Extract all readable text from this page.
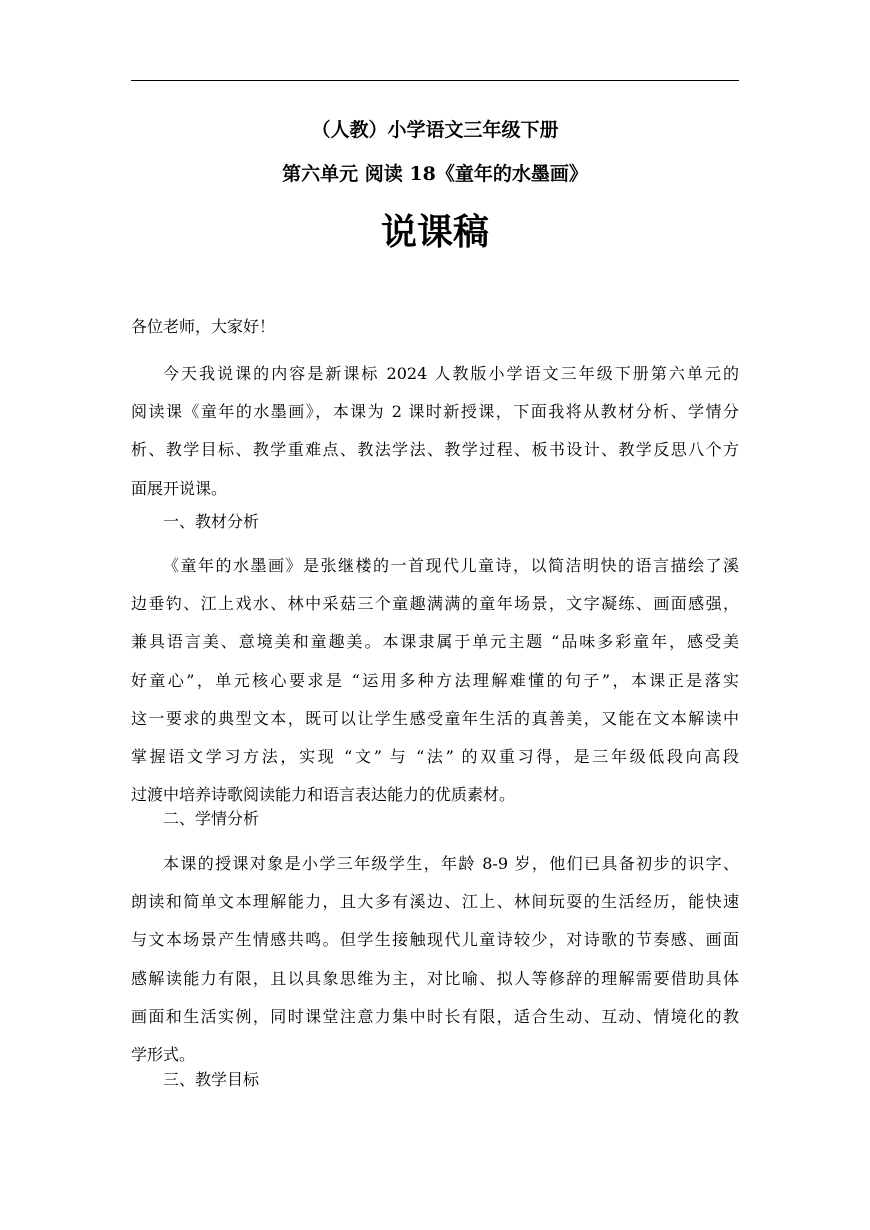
（人教）小学语文三年级下册
第六单元 阅读 18《童年的水墨画》
说课稿
各位老师，大家好！
今天我说课的内容是新课标 2024 人教版小学语文三年级下册第六单元的
阅读课《童年的水墨画》，本课为 2 课时新授课，下面我将从教材分析、学情分
析、教学目标、教学重难点、教法学法、教学过程、板书设计、教学反思八个方
面展开说课。
一、教材分析
《童年的水墨画》是张继楼的一首现代儿童诗，以简洁明快的语言描绘了溪
边垂钓、江上戏水、林中采菇三个童趣满满的童年场景，文字凝练、画面感强，
兼具语言美、意境美和童趣美。本课隶属于单元主题 “品味多彩童年，感受美
好童心”，单元核心要求是 “运用多种方法理解难懂的句子”，本课正是落实
这一要求的典型文本，既可以让学生感受童年生活的真善美，又能在文本解读中
掌握语文学习方法，实现 “文” 与 “法” 的双重习得，是三年级低段向高段
过渡中培养诗歌阅读能力和语言表达能力的优质素材。
二、学情分析
本课的授课对象是小学三年级学生，年龄 8-9 岁，他们已具备初步的识字、
朗读和简单文本理解能力，且大多有溪边、江上、林间玩耍的生活经历，能快速
与文本场景产生情感共鸣。但学生接触现代儿童诗较少，对诗歌的节奏感、画面
感解读能力有限，且以具象思维为主，对比喻、拟人等修辞的理解需要借助具体
画面和生活实例，同时课堂注意力集中时长有限，适合生动、互动、情境化的教
学形式。
三、教学目标
